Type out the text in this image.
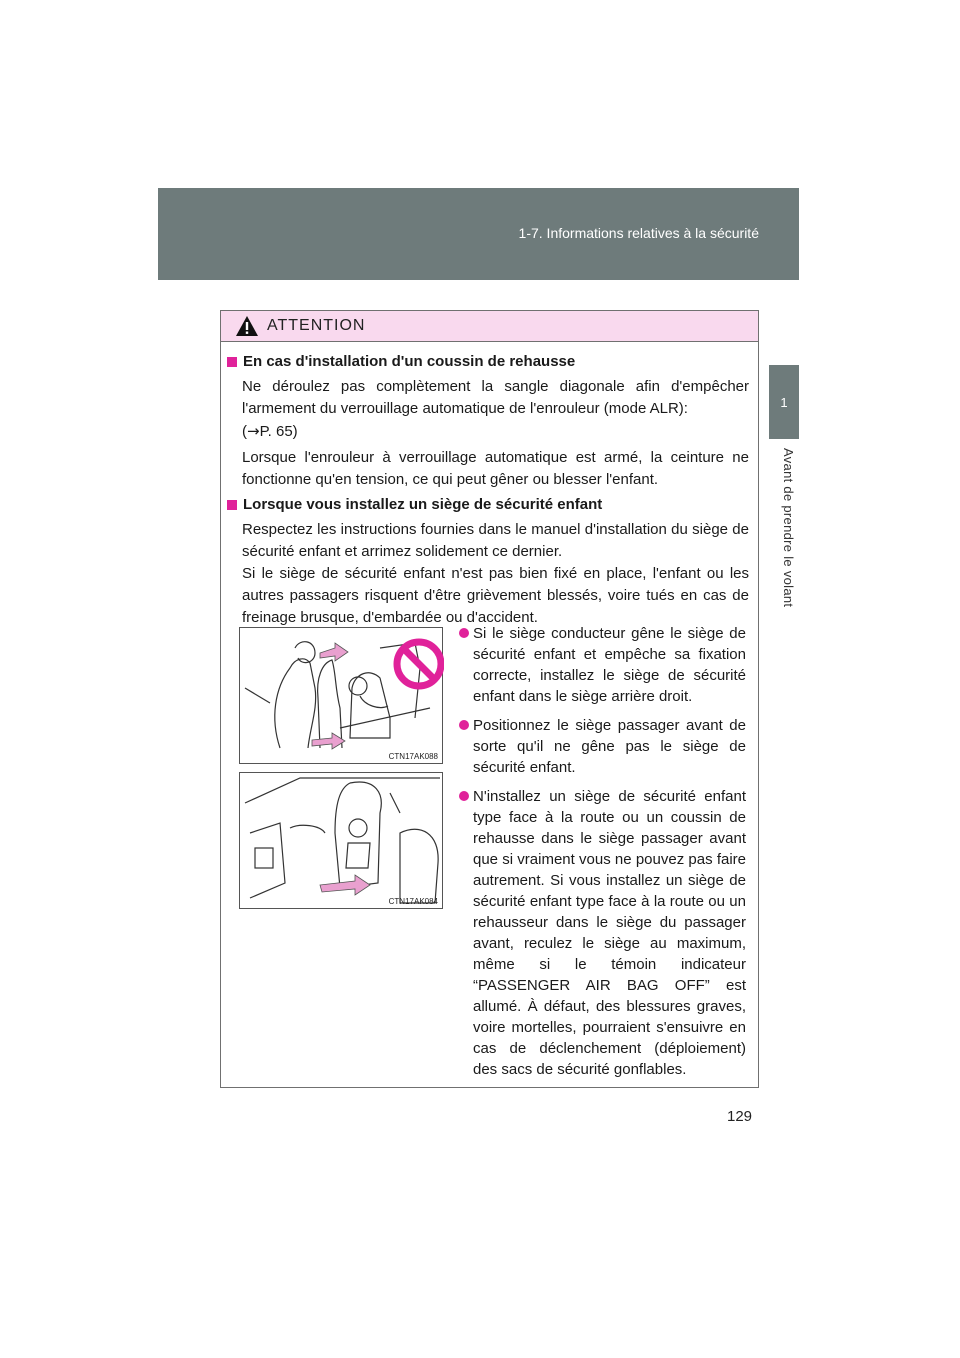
1-7. Informations relatives à la sécurité
1
Avant de prendre le volant
ATTENTION
En cas d'installation d'un coussin de rehausse

Ne déroulez pas complètement la sangle diagonale afin d'empêcher l'armement du verrouillage automatique de l'enrouleur (mode ALR):
(→P. 65)

Lorsque l'enrouleur à verrouillage automatique est armé, la ceinture ne fonctionne qu'en tension, ce qui peut gêner ou blesser l'enfant.

Lorsque vous installez un siège de sécurité enfant

Respectez les instructions fournies dans le manuel d'installation du siège de sécurité enfant et arrimez solidement ce dernier.
Si le siège de sécurité enfant n'est pas bien fixé en place, l'enfant ou les autres passagers risquent d'être grièvement blessés, voire tués en cas de freinage brusque, d'embardée ou d'accident.

CTN17AK088
CTN17AK084
Si le siège conducteur gêne le siège de sécurité enfant et empêche sa fixation correcte, installez le siège de sécurité enfant dans le siège arrière droit.
Positionnez le siège passager avant de sorte qu'il ne gêne pas le siège de sécurité enfant.
N'installez un siège de sécurité enfant type face à la route ou un coussin de rehausse dans le siège passager avant que si vraiment vous ne pouvez pas faire autrement. Si vous installez un siège de sécurité enfant type face à la route ou un rehausseur dans le siège du passager avant, reculez le siège au maximum, même si le témoin indicateur “PASSENGER AIR BAG OFF” est allumé. À défaut, des blessures graves, voire mortelles, pourraient s'ensuivre en cas de déclenchement (déploiement) des sacs de sécurité gonflables.
129
